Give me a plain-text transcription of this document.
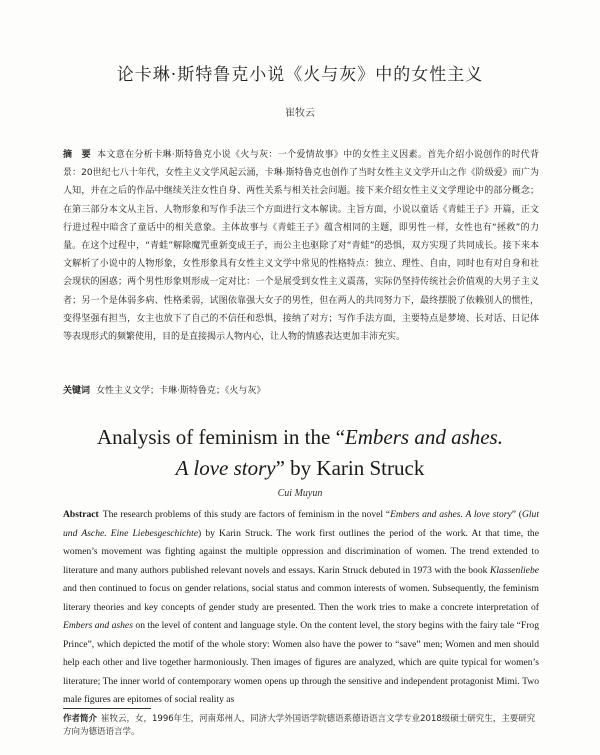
论卡琳·斯特鲁克小说《火与灰》中的女性主义
崔牧云
摘　要 本文意在分析卡琳·斯特鲁克小说《火与灰：一个爱情故事》中的女性主义因素。首先介绍小说创作的时代背景：20世纪七八十年代，女性主义文学风起云涌，卡琳·斯特鲁克也创作了当时女性主义文学开山之作《阶级爱》而广为人知，并在之后的作品中继续关注女性自身、两性关系与相关社会问题。接下来介绍女性主义文学理论中的部分概念；在第三部分本文从主旨、人物形象和写作手法三个方面进行文本解读。主旨方面，小说以童话《青蛙王子》开篇，正文行进过程中暗含了童话中的相关意象。主体故事与《青蛙王子》蕴含相同的主题，即男性一样，女性也有“拯救”的力量。在这个过程中，“青蛙”解除魔咒重新变成王子，而公主也驱除了对“青蛙”的恐惧，双方实现了共同成长。接下来本文解析了小说中的人物形象，女性形象具有女性主义文学中常见的性格特点：独立、理性、自由，同时也有对自身和社会现状的困惑；两个男性形象则形成一定对比：一个是展受到女性主义震荡，实际仍坚持传统社会价值观的大男子主义者；另一个是体弱多病、性格柔弱，试图依靠强大女子的男性，但在两人的共同努力下，最终摆脱了依赖别人的惯性，变得坚强有担当，女主也放下了自己的不信任和恐惧，接纳了对方；写作手法方面，主要特点是梦境、长对话、日记体等表现形式的频繁使用，目的是直接揭示人物内心，让人物的情感表达更加丰沛充实。
关键词 女性主义文学；卡琳·斯特鲁克；《火与灰》
Analysis of feminism in the “Embers and ashes.
A love story” by Karin Struck
Cui Muyun
Abstract The research problems of this study are factors of feminism in the novel “Embers and ashes. A love story” (Glut und Asche. Eine Liebesgeschichte) by Karin Struck. The work first outlines the period of the work. At that time, the women’s movement was fighting against the multiple oppression and discrimination of women. The trend extended to literature and many authors published relevant novels and essays. Karin Struck debuted in 1973 with the book Klassenliebe and then continued to focus on gender relations, social status and common interests of women. Subsequently, the feminism literary theories and key concepts of gender study are presented. Then the work tries to make a concrete interpretation of Embers and ashes on the level of content and language style. On the content level, the story begins with the fairy tale “Frog Prince”, which depicted the motif of the whole story: Women also have the power to “save” men; Women and men should help each other and live together harmoniously. Then images of figures are analyzed, which are quite typical for women’s literature; The inner world of contemporary women opens up through the sensitive and independent protagonist Mimi. Two male figures are epitomes of social reality as
作者简介 崔牧云，女，1996年生，河南郑州人，同济大学外国语学院德语系德语语言文学专业2018级硕士研究生，主要研究方向为德语语言学。
